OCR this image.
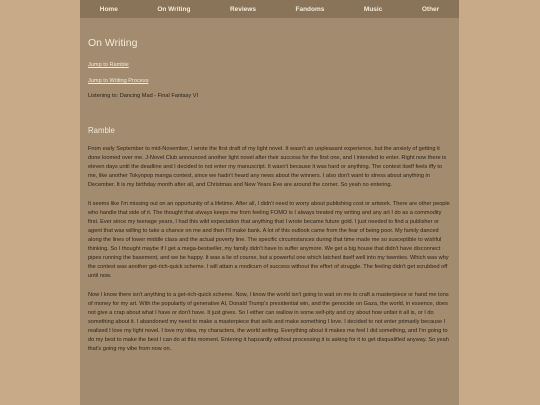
Home	On Writing	Reviews	Fandoms	Music	Other
On Writing
Jump to Ramble
Jump to Writing Process
Listening to: Dancing Mad - Final Fantasy VI
Ramble

From early September to mid-November, I wrote the first draft of my light novel. It wasn't an unpleasant experience, but the anxiety of getting it done loomed over me. J-Novel Club announced another light novel after their success for the first one, and I intended to enter. Right now there is eleven days until the deadline and I decided to not enter my manuscript. It wasn't because it was hard or anything. The contest itself feels iffy to me, like another Tokyopop manga contest, since we hadn't heard any news about the winners. I also don't want to stress about anything in December. It is my birthday month after all, and Christmas and New Years Eve are around the corner. So yeah no entering.

It seems like I'm missing out on an opportunity of a lifetime. After all, I didn't need to worry about publishing cost or artwork. There are other people who handle that side of it. The thought that always keeps me from feeling FOMO is I always treated my writing and any art I do as a commodity first. Ever since my teenage years, I had this wild expectation that anything that I wrote became future gold. I just needed to find a publisher or agent that was willing to take a chance on me and then I'll make bank. A lot of this outlook came from the fear of being poor. My family danced along the lines of lower middle class and the actual poverty line. The specific circumstances during that time made me so susceptible to wishful thinking. So I thought maybe if I get a mega-bestseller, my family didn't have to suffer anymore. We get a big house that didn't have disconnect pipes running the basement, and we be happy. It was a lie of course, but a powerful one which latched itself well into my twenties. Which was why the contest was another get-rich-quick scheme. I will attain a modicum of success without the effort of struggle. The feeling didn't get scrubbed off until now.

Now I know there isn't anything to a get-rich-quick scheme. Now, I know the world isn't going to wait on me to craft a masterpiece or hand me tons of money for my art. With the popularity of generative AI, Donald Trump's presidential win, and the genocide on Gaza, the world, in essence, does not give a crap about what I have or don't have. It just gives. So I either can wallow in some self-pity and cry about how unfair it all is, or I do something about it. I abandoned my need to make a masterpiece that sells and make something I love. I decided to not enter primarily because I realized I love my light novel. I love my idea, my characters, the world setting. Everything about it makes me feel I did something, and I'm going to do my best to make the best I can do at this moment. Entering it hapzardly without processing it is asking for it to get disqualified anyway. So yeah that's going my vibe from now on.
